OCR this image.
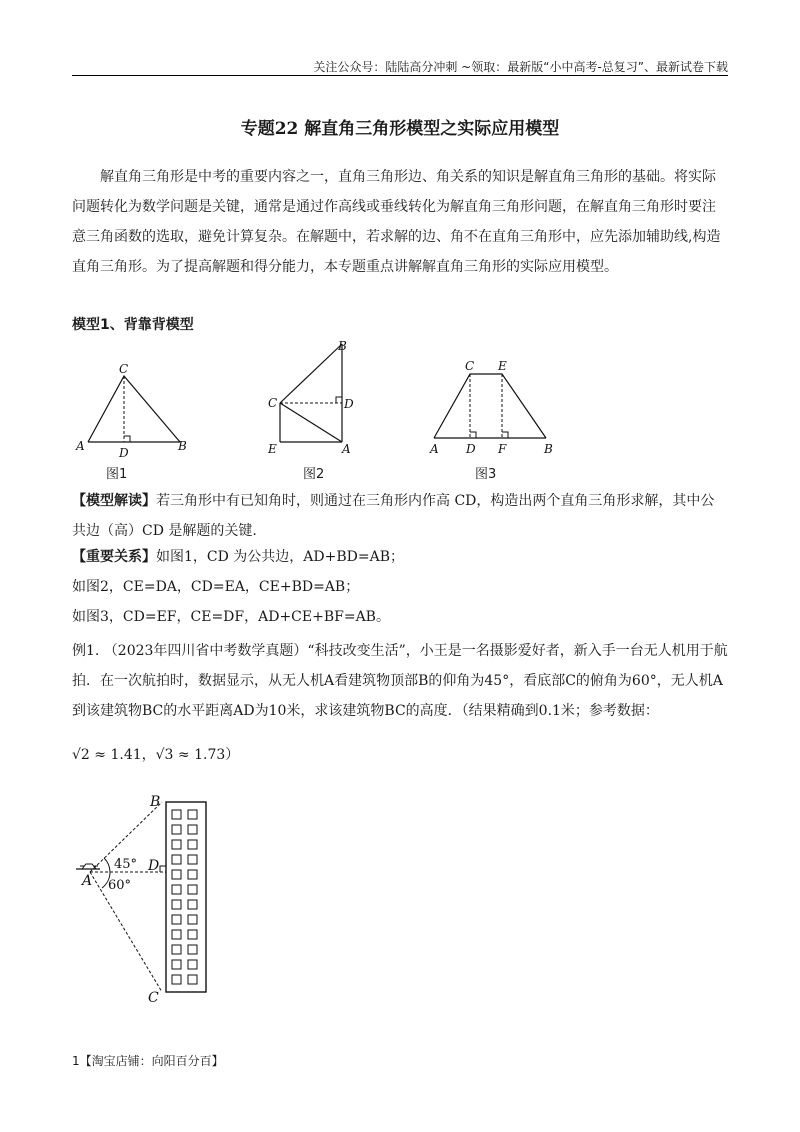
关注公众号：陆陆高分冲刺 ~领取：最新版“小中高考-总复习”、最新试卷下载
专题22 解直角三角形模型之实际应用模型
解直角三角形是中考的重要内容之一，直角三角形边、角关系的知识是解直角三角形的基础。将实际问题转化为数学问题是关键，通常是通过作高线或垂线转化为解直角三角形问题，在解直角三角形时要注意三角函数的选取，避免计算复杂。在解题中，若求解的边、角不在直角三角形中，应先添加辅助线,构造直角三角形。为了提高解题和得分能力，本专题重点讲解解直角三角形的实际应用模型。
模型1、背靠背模型
C
A	B
D
B
C	D
E	A
C E
A D F	B
图1	图2	图3
【模型解读】若三角形中有已知角时，则通过在三角形内作高 CD，构造出两个直角三角形求解，其中公共边（高）CD 是解题的关键.
【重要关系】如图1，CD 为公共边，AD+BD=AB；
如图2，CE=DA，CD=EA，CE+BD=AB；
如图3，CD=EF，CE=DF，AD+CE+BF=AB。
例1. （2023年四川省中考数学真题）“科技改变生活”，小王是一名摄影爱好者，新入手一台无人机用于航拍．在一次航拍时，数据显示，从无人机A看建筑物顶部B的仰角为45°，看底部C的俯角为60°，无人机A到该建筑物BC的水平距离AD为10米，求该建筑物BC的高度．（结果精确到0.1米；参考数据：
√2 ≈ 1.41，√3 ≈ 1.73）
45°
60°
B
A
D
C
1【淘宝店铺：向阳百分百】
